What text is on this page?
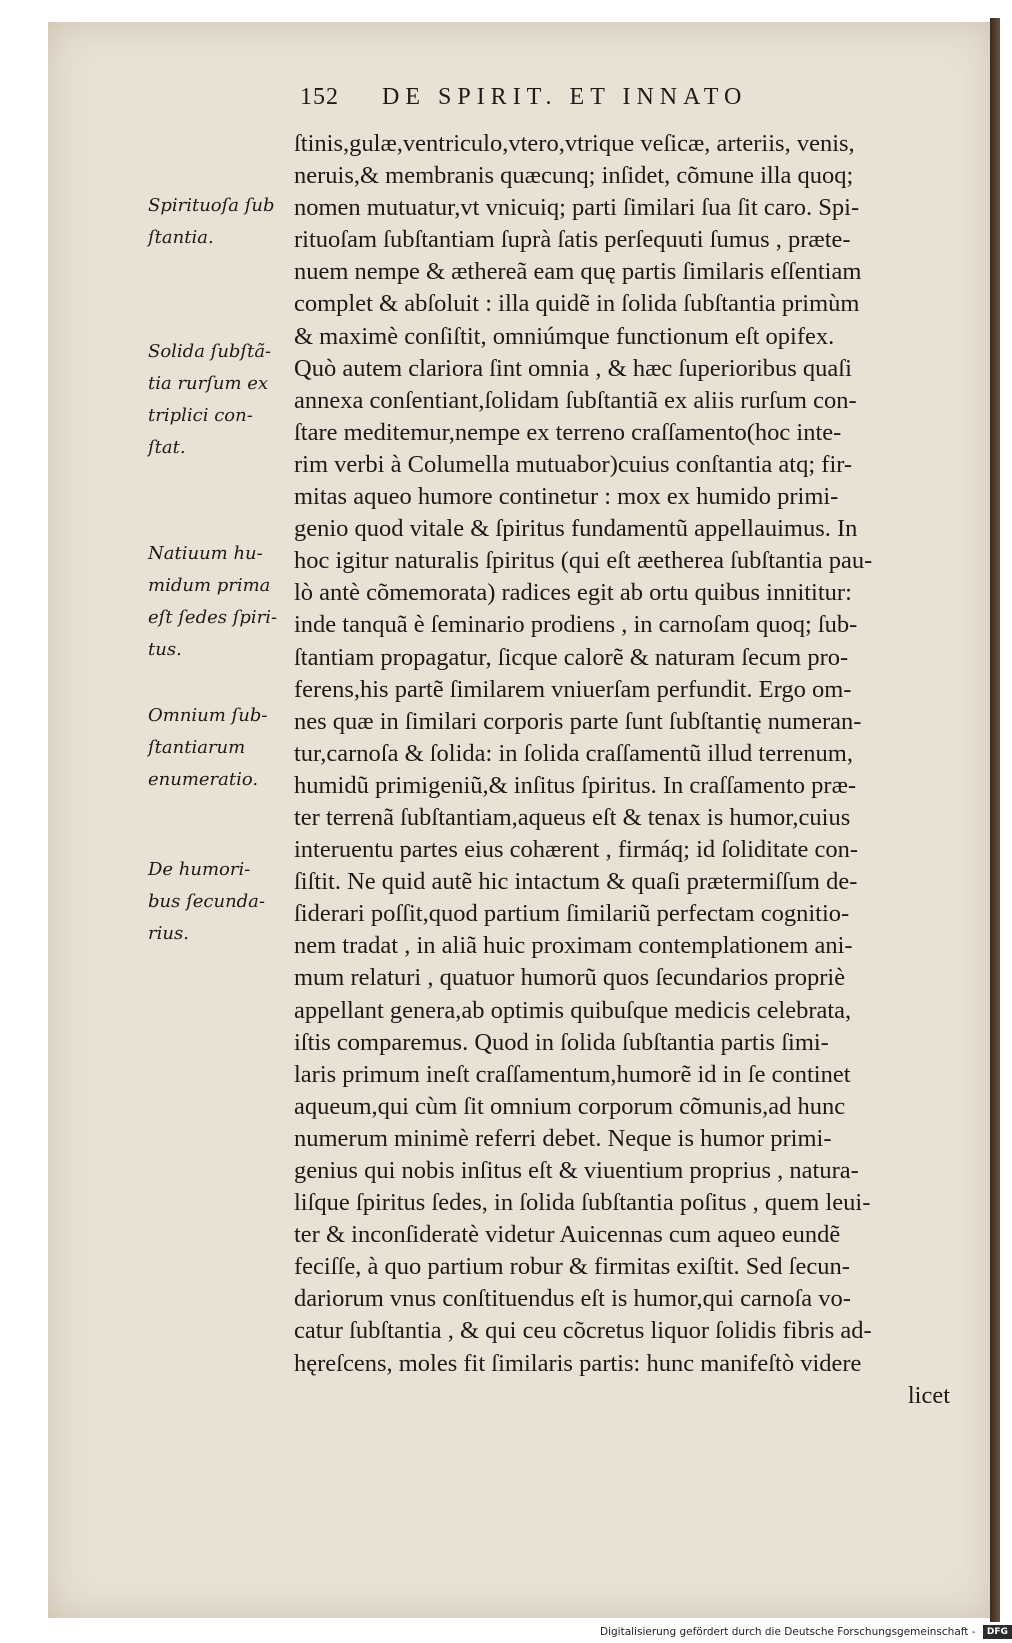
152 DE SPIRIT. ET INNATO
ſtinis,gulæ,ventriculo,vtero,vtrique veſicæ, arteriis, venis,
neruis,& membranis quæcunq; inſidet, cõmune illa quoq;
nomen mutuatur,vt vnicuiq; parti ſimilari ſua ſit caro. Spi-
rituoſam ſubſtantiam ſuprà ſatis perſequuti ſumus , præte-
nuem nempe & æthereã eam quę partis ſimilaris eſſentiam
complet & abſoluit : illa quidẽ in ſolida ſubſtantia primùm
& maximè conſiſtit, omniúmque functionum eſt opifex.
Quò autem clariora ſint omnia , & hæc ſuperioribus quaſi
annexa conſentiant,ſolidam ſubſtantiã ex aliis rurſum con-
ſtare meditemur,nempe ex terreno craſſamento(hoc inte-
rim verbi à Columella mutuabor)cuius conſtantia atq; fir-
mitas aqueo humore continetur : mox ex humido primi-
genio quod vitale & ſpiritus fundamentũ appellauimus. In
hoc igitur naturalis ſpiritus (qui eſt æetherea ſubſtantia pau-
lò antè cõmemorata) radices egit ab ortu quibus innititur:
inde tanquã è ſeminario prodiens , in carnoſam quoq; ſub-
ſtantiam propagatur, ſicque calorẽ & naturam ſecum pro-
ferens,his partẽ ſimilarem vniuerſam perfundit. Ergo om-
nes quæ in ſimilari corporis parte ſunt ſubſtantię numeran-
tur,carnoſa & ſolida: in ſolida craſſamentũ illud terrenum,
humidũ primigeniũ,& inſitus ſpiritus. In craſſamento præ-
ter terrenã ſubſtantiam,aqueus eſt & tenax is humor,cuius
interuentu partes eius cohærent , firmáq; id ſoliditate con-
ſiſtit. Ne quid autẽ hic intactum & quaſi prætermiſſum de-
ſiderari poſſit,quod partium ſimilariũ perfectam cognitio-
nem tradat , in aliã huic proximam contemplationem ani-
mum relaturi , quatuor humorũ quos ſecundarios propriè
appellant genera,ab optimis quibuſque medicis celebrata,
iſtis comparemus. Quod in ſolida ſubſtantia partis ſimi-
laris primum ineſt craſſamentum,humorẽ id in ſe continet
aqueum,qui cùm ſit omnium corporum cõmunis,ad hunc
numerum minimè referri debet. Neque is humor primi-
genius qui nobis inſitus eſt & viuentium proprius , natura-
liſque ſpiritus ſedes, in ſolida ſubſtantia poſitus , quem leui-
ter & inconſideratè videtur Auicennas cum aqueo eundẽ
feciſſe, à quo partium robur & firmitas exiſtit. Sed ſecun-
dariorum vnus conſtituendus eſt is humor,qui carnoſa vo-
catur ſubſtantia , & qui ceu cõcretus liquor ſolidis fibris ad-
hęreſcens, moles fit ſimilaris partis: hunc manifeſtò videre
licet
Spirituoſa ſub
ſtantia.
Solida ſubſtã-
tia rurſum ex
triplici con-
ſtat.
Natiuum hu-
midum prima
eſt ſedes ſpiri-
tus.
Omnium ſub-
ſtantiarum
enumeratio.
De humori-
bus ſecunda-
rius.
Digitalisierung gefördert durch die Deutsche Forschungsgemeinschaft - DFG
